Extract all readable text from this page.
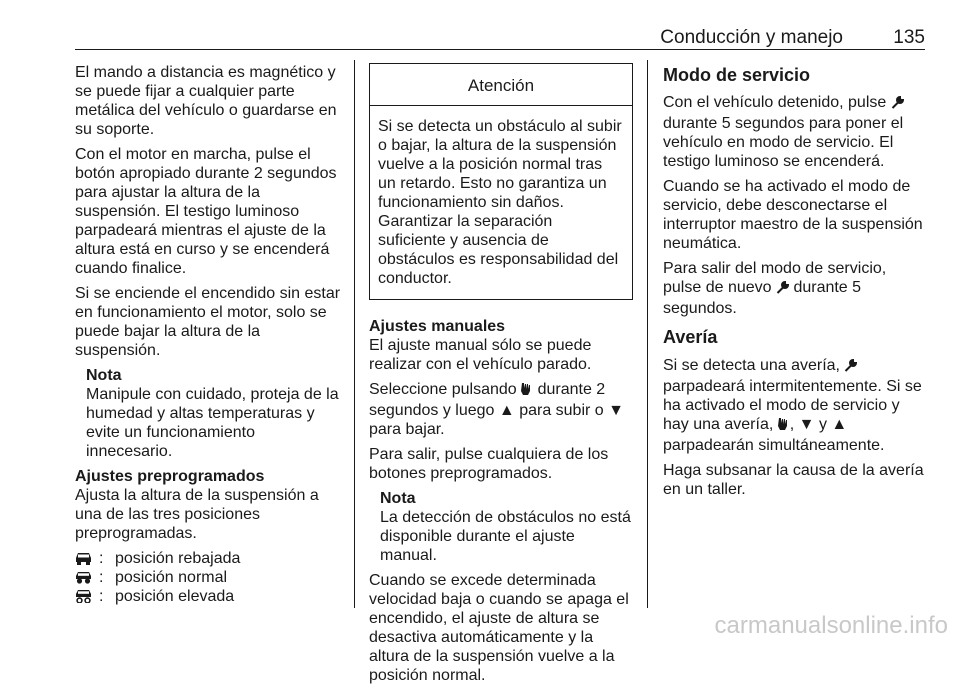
Conducción y manejo	135

El mando a distancia es magnético y se puede fijar a cualquier parte metálica del vehículo o guardarse en su soporte.

Con el motor en marcha, pulse el botón apropiado durante 2 segundos para ajustar la altura de la suspensión. El testigo luminoso parpadeará mientras el ajuste de la altura está en curso y se encenderá cuando finalice.

Si se enciende el encendido sin estar en funcionamiento el motor, solo se puede bajar la altura de la suspensión.

Nota
Manipule con cuidado, proteja de la humedad y altas temperaturas y evite un funcionamiento innecesario.
Ajustes preprogramados

Ajusta la altura de la suspensión a una de las tres posiciones preprogramadas.

: posición rebajada
: posición normal
: posición elevada
Atención
Si se detecta un obstáculo al subir o bajar, la altura de la suspensión vuelve a la posición normal tras un retardo. Esto no garantiza un funcionamiento sin daños. Garantizar la separación suficiente y ausencia de obstáculos es responsabilidad del conductor.
Ajustes manuales

El ajuste manual sólo se puede realizar con el vehículo parado.

Seleccione pulsando durante 2 segundos y luego ▲ para subir o ▼ para bajar.

Para salir, pulse cualquiera de los botones preprogramados.

Nota
La detección de obstáculos no está disponible durante el ajuste manual.

Cuando se excede determinada velocidad baja o cuando se apaga el encendido, el ajuste de altura se desactiva automáticamente y la altura de la suspensión vuelve a la posición normal.

Modo de servicio

Con el vehículo detenido, pulse  durante 5 segundos para poner el vehículo en modo de servicio. El testigo luminoso se encenderá.

Cuando se ha activado el modo de servicio, debe desconectarse el interruptor maestro de la suspensión neumática.

Para salir del modo de servicio, pulse de nuevo durante 5 segundos.

Avería

Si se detecta una avería,  parpadeará intermitentemente. Si se ha activado el modo de servicio y hay una avería, , ▼ y ▲ parpadearán simultáneamente.

Haga subsanar la causa de la avería en un taller.

carmanualsonline.info
